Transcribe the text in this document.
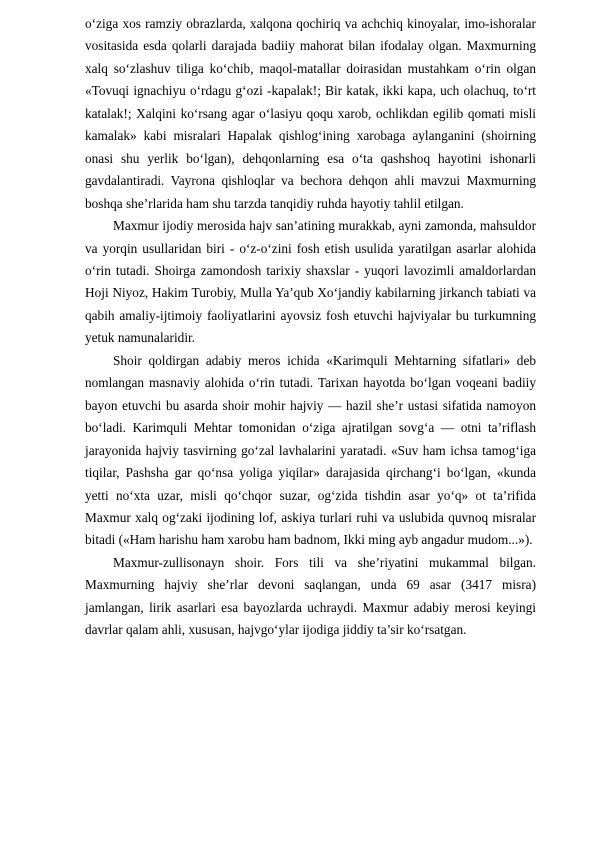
o‘ziga xos ramziy obrazlarda, xalqona qochiriq va achchiq kinoyalar, imo-ishoralar vositasida esda qolarli darajada badiiy mahorat bilan ifodalay olgan. Maxmurning xalq so‘zlashuv tiliga ko‘chib, maqol-matallar doirasidan mustahkam o‘rin olgan «Tovuqi ignachiyu o‘rdagu g‘ozi -kapalak!; Bir katak, ikki kapa, uch olachuq, to‘rt katalak!; Xalqini ko‘rsang agar o‘lasiyu qoqu xarob, ochlikdan egilib qomati misli kamalak» kabi misralari Hapalak qishlog‘ining xarobaga aylanganini (shoirning onasi shu yerlik bo‘lgan), dehqonlarning esa o‘ta qashshoq hayotini ishonarli gavdalantiradi. Vayrona qishloqlar va bechora dehqon ahli mavzui Maxmurning boshqa she’rlarida ham shu tarzda tanqidiy ruhda hayotiy tahlil etilgan.

Maxmur ijodiy merosida hajv san’atining murakkab, ayni zamonda, mahsuldor va yorqin usullaridan biri - o‘z-o‘zini fosh etish usulida yaratilgan asarlar alohida o‘rin tutadi. Shoirga zamondosh tarixiy shaxslar - yuqori lavozimli amaldorlardan Hoji Niyoz, Hakim Turobiy, Mulla Ya’qub Xo‘jandiy kabilarning jirkanch tabiati va qabih amaliy-ijtimoiy faoliyatlarini ayovsiz fosh etuvchi hajviyalar bu turkumning yetuk namunalaridir.

Shoir qoldirgan adabiy meros ichida «Karimquli Mehtarning sifatlari» deb nomlangan masnaviy alohida o‘rin tutadi. Tarixan hayotda bo‘lgan voqeani badiiy bayon etuvchi bu asarda shoir mohir hajviy — hazil she’r ustasi sifatida namoyon bo‘ladi. Karimquli Mehtar tomonidan o‘ziga ajratilgan sovg‘a — otni ta’riflash jarayonida hajviy tasvirning go‘zal lavhalarini yaratadi. «Suv ham ichsa tamog‘iga tiqilar, Pashsha gar qo‘nsa yoliga yiqilar» darajasida qirchang‘i bo‘lgan, «kunda yetti no‘xta uzar, misli qo‘chqor suzar, og‘zida tishdin asar yo‘q» ot ta’rifida Maxmur xalq og‘zaki ijodining lof, askiya turlari ruhi va uslubida quvnoq misralar bitadi («Ham harishu ham xarobu ham badnom, Ikki ming ayb angadur mudom...»).

Maxmur-zullisonayn shoir. Fors tili va she’riyatini mukammal bilgan. Maxmurning hajviy she’rlar devoni saqlangan, unda 69 asar (3417 misra) jamlangan, lirik asarlari esa bayozlarda uchraydi. Maxmur adabiy merosi keyingi davrlar qalam ahli, xususan, hajvgo‘ylar ijodiga jiddiy ta’sir ko‘rsatgan.
